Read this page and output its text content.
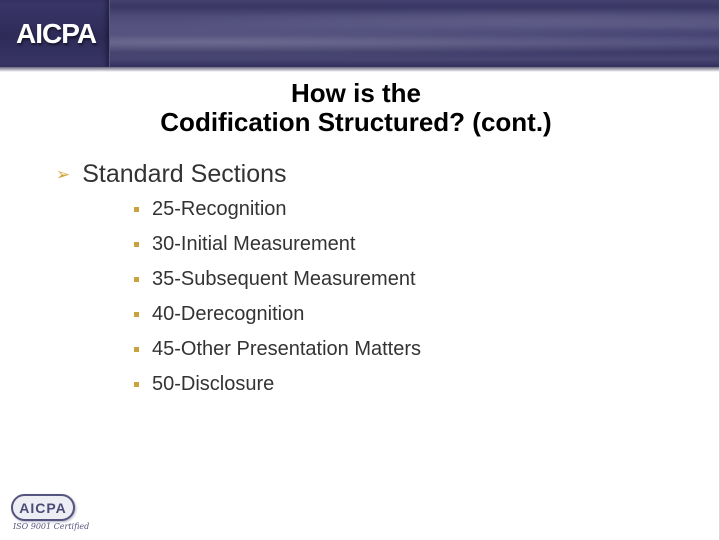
AICPA
How is the
Codification Structured? (cont.)
➢
Standard Sections
25-Recognition
30-Initial Measurement
35-Subsequent Measurement
40-Derecognition
45-Other Presentation Matters
50-Disclosure
AICPA
ISO 9001 Certified
